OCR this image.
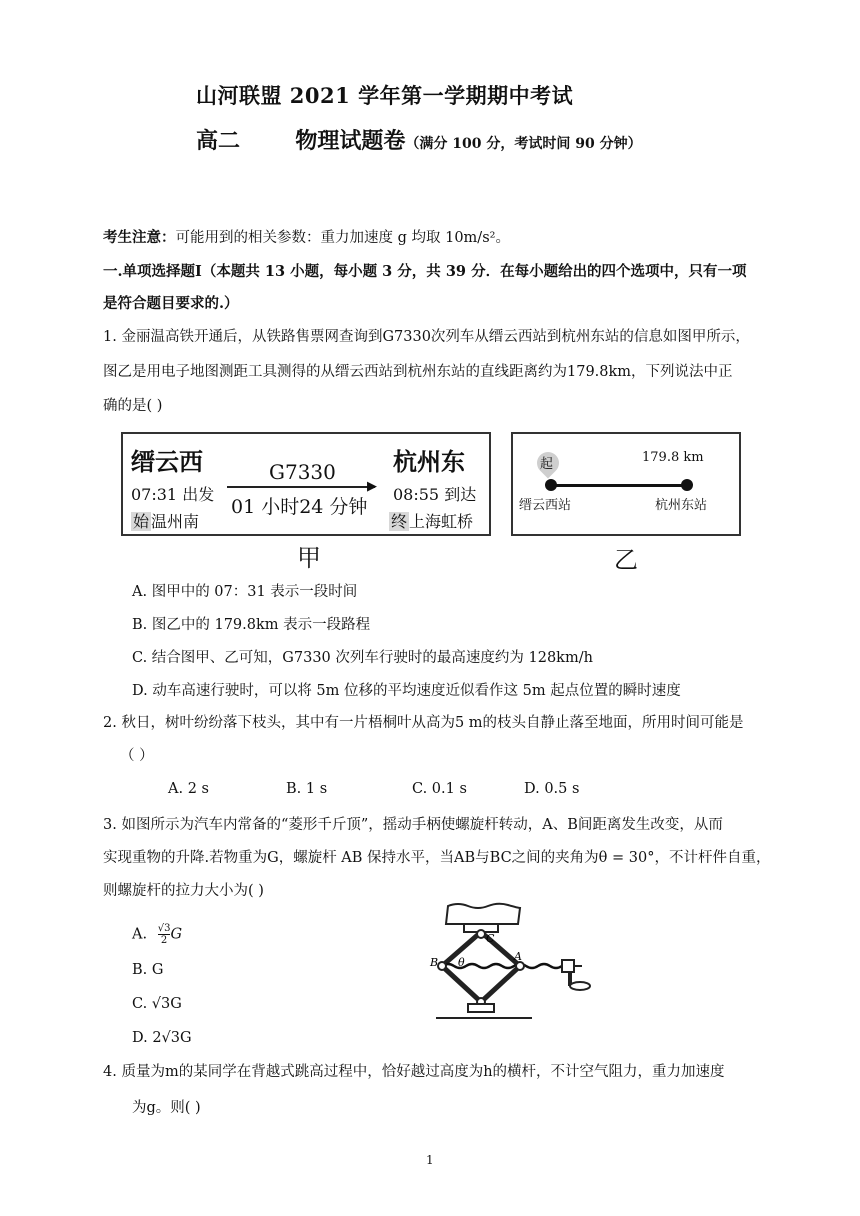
山河联盟 2021 学年第一学期期中考试
高二	物理试题卷（满分 100 分，考试时间 90 分钟）
考生注意：可能用到的相关参数：重力加速度 g 均取 10m/s²。
一.单项选择题Ⅰ（本题共 13 小题，每小题 3 分，共 39 分．在每小题给出的四个选项中，只有一项
是符合题目要求的.）
1. 金丽温高铁开通后，从铁路售票网查询到G7330次列车从缙云西站到杭州东站的信息如图甲所示，
图乙是用电子地图测距工具测得的从缙云西站到杭州东站的直线距离约为179.8km，下列说法中正
确的是( )
缙云西	杭州东
G7330
▶
07:31 出发
01 小时24 分钟
08:55 到达
始 温州南	终 上海虹桥
甲
起	179.8 km
缙云西站	杭州东站
乙
A. 图甲中的 07：31 表示一段时间
B. 图乙中的 179.8km 表示一段路程
C. 结合图甲、乙可知，G7330 次列车行驶时的最高速度约为 128km/h
D. 动车高速行驶时，可以将 5m 位移的平均速度近似看作这 5m 起点位置的瞬时速度
2. 秋日，树叶纷纷落下枝头，其中有一片梧桐叶从高为5 m的枝头自静止落至地面，所用时间可能是
（ ）
A. 2 s	B. 1 s	C. 0.1 s	D. 0.5 s
3. 如图所示为汽车内常备的“菱形千斤顶”，摇动手柄使螺旋杆转动，A、B间距离发生改变，从而
实现重物的升降.若物重为G，螺旋杆 AB 保持水平，当AB与BC之间的夹角为θ = 30°，不计杆件自重，
则螺旋杆的拉力大小为( )
A. $\frac{√3}{2}$ G
B. G
C. √3G
D. 2√3G
C
B	A
θ
4. 质量为m的某同学在背越式跳高过程中，恰好越过高度为h的横杆，不计空气阻力，重力加速度
为g。则( )
1
